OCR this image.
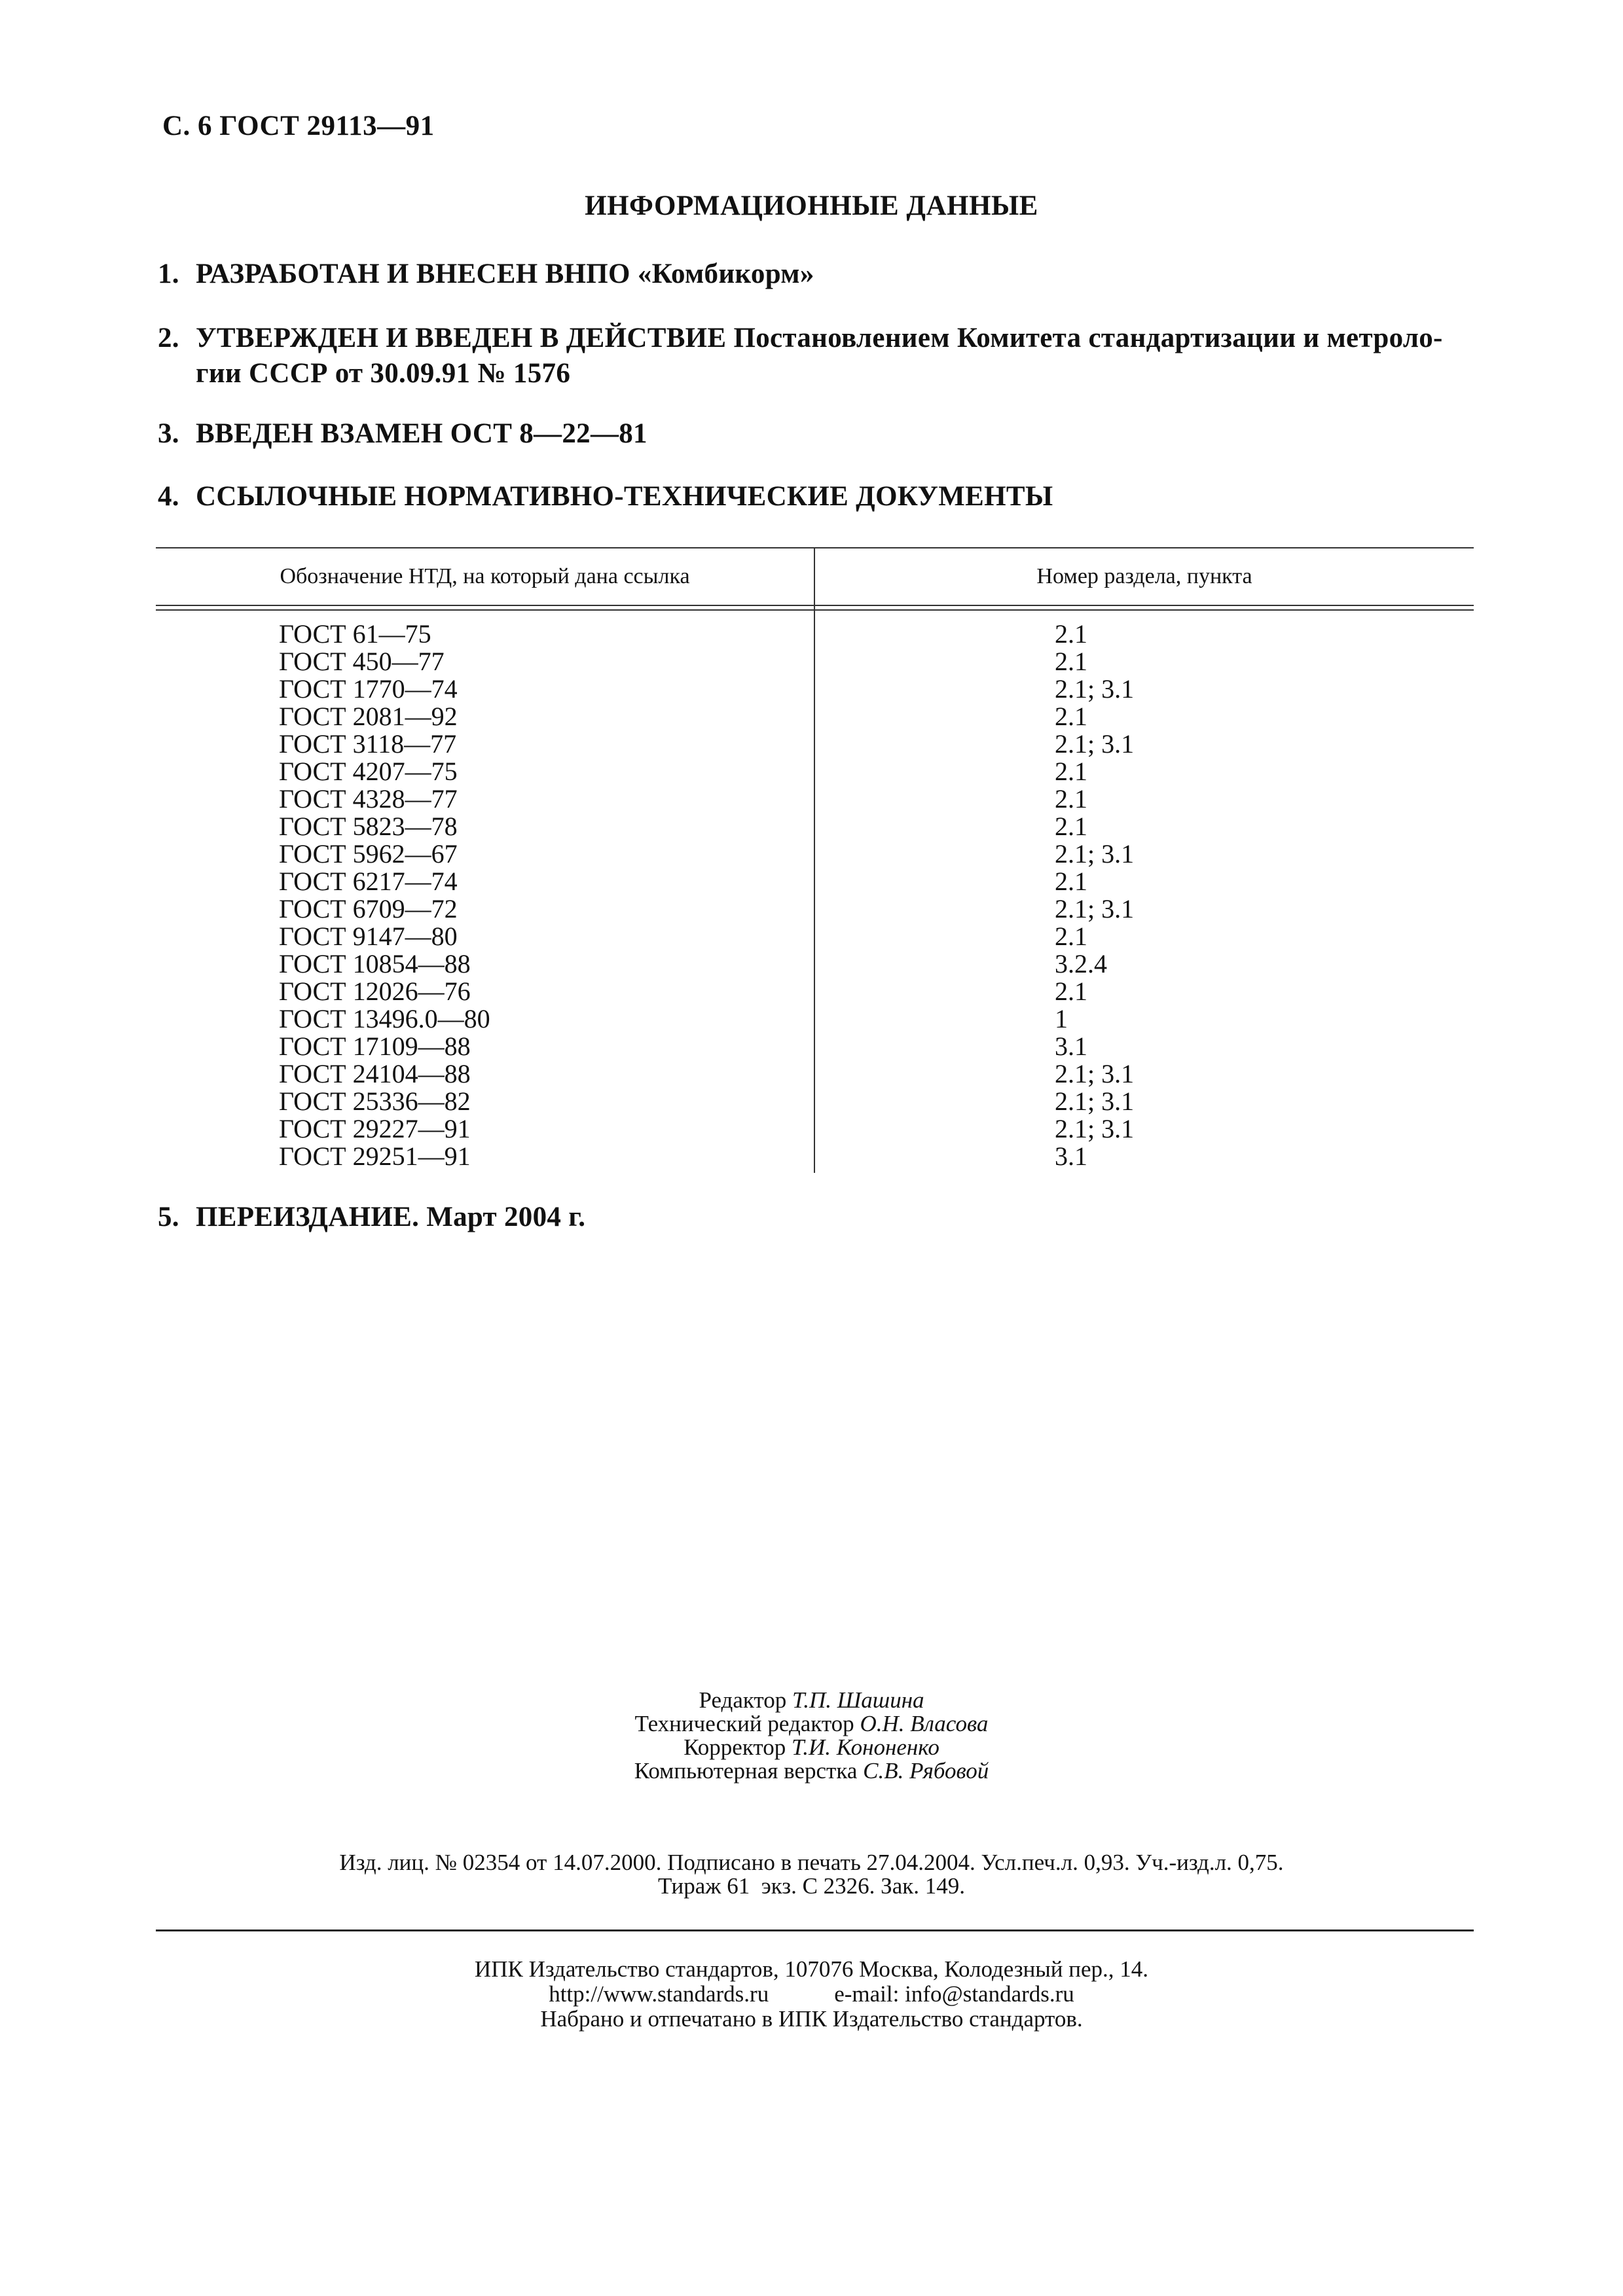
С. 6 ГОСТ 29113—91
ИНФОРМАЦИОННЫЕ ДАННЫЕ
1. РАЗРАБОТАН И ВНЕСЕН ВНПО «Комбикорм»
2. УТВЕРЖДЕН И ВВЕДЕН В ДЕЙСТВИЕ Постановлением Комитета стандартизации и метроло-
гии СССР от 30.09.91 № 1576
3. ВВЕДЕН ВЗАМЕН ОСТ 8—22—81
4. ССЫЛОЧНЫЕ НОРМАТИВНО-ТЕХНИЧЕСКИЕ ДОКУМЕНТЫ
Обозначение НТД, на который дана ссылка	Номер раздела, пункта
ГОСТ 61—75	2.1
ГОСТ 450—77	2.1
ГОСТ 1770—74	2.1; 3.1
ГОСТ 2081—92	2.1
ГОСТ 3118—77	2.1; 3.1
ГОСТ 4207—75	2.1
ГОСТ 4328—77	2.1
ГОСТ 5823—78	2.1
ГОСТ 5962—67	2.1; 3.1
ГОСТ 6217—74	2.1
ГОСТ 6709—72	2.1; 3.1
ГОСТ 9147—80	2.1
ГОСТ 10854—88	3.2.4
ГОСТ 12026—76	2.1
ГОСТ 13496.0—80	1
ГОСТ 17109—88	3.1
ГОСТ 24104—88	2.1; 3.1
ГОСТ 25336—82	2.1; 3.1
ГОСТ 29227—91	2.1; 3.1
ГОСТ 29251—91	3.1
5. ПЕРЕИЗДАНИЕ. Март 2004 г.
Редактор Т.П. Шашина
Технический редактор О.Н. Власова
Корректор Т.И. Кононенко
Компьютерная верстка С.В. Рябовой
Изд. лиц. № 02354 от 14.07.2000. Подписано в печать 27.04.2004. Усл.печ.л. 0,93. Уч.-изд.л. 0,75.
Тираж 61  экз. С 2326. Зак. 149.
ИПК Издательство стандартов, 107076 Москва, Колодезный пер., 14.
http://www.standards.ru	e-mail: info@standards.ru
Набрано и отпечатано в ИПК Издательство стандартов.
